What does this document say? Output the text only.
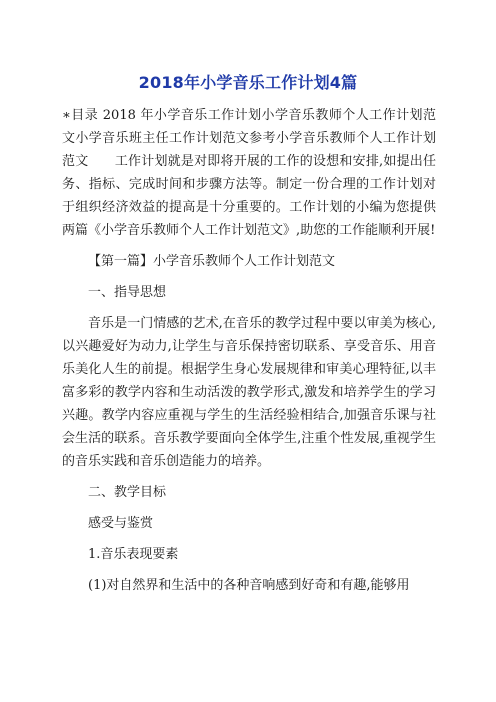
2018年小学音乐工作计划4篇

∗目录 2018 年小学音乐工作计划小学音乐教师个人工作计划范文小学音乐班主任工作计划范文参考小学音乐教师个人工作计划范文　　工作计划就是对即将开展的工作的设想和安排,如提出任务、指标、完成时间和步骤方法等。制定一份合理的工作计划对于组织经济效益的提高是十分重要的。工作计划的小编为您提供两篇《小学音乐教师个人工作计划范文》,助您的工作能顺利开展!

【第一篇】小学音乐教师个人工作计划范文

一、指导思想

音乐是一门情感的艺术,在音乐的教学过程中要以审美为核心,以兴趣爱好为动力,让学生与音乐保持密切联系、享受音乐、用音乐美化人生的前提。根据学生身心发展规律和审美心理特征,以丰富多彩的教学内容和生动活泼的教学形式,激发和培养学生的学习兴趣。教学内容应重视与学生的生活经验相结合,加强音乐课与社会生活的联系。音乐教学要面向全体学生,注重个性发展,重视学生的音乐实践和音乐创造能力的培养。

二、教学目标

感受与鉴赏

1.音乐表现要素

(1)对自然界和生活中的各种音响感到好奇和有趣,能够用
